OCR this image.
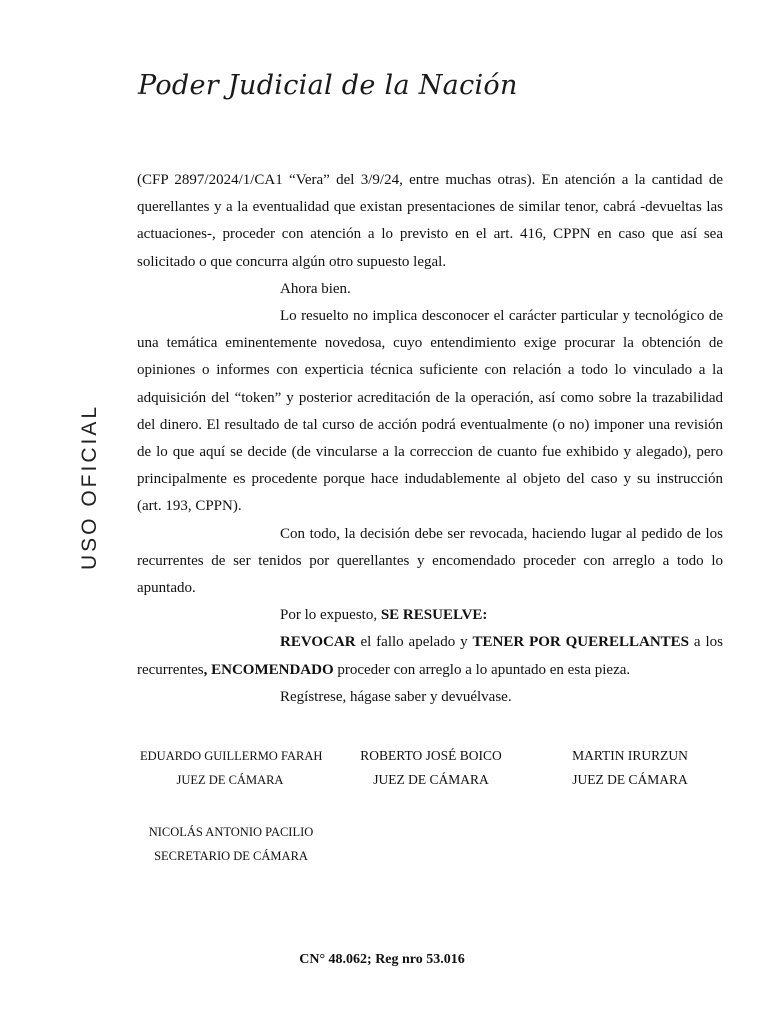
Poder Judicial de la Nación
USO OFICIAL

(CFP 2897/2024/1/CA1 “Vera” del 3/9/24, entre muchas otras). En atención a la cantidad de querellantes y a la eventualidad que existan presentaciones de similar tenor, cabrá -devueltas las actuaciones-, proceder con atención a lo previsto en el art. 416, CPPN en caso que así sea solicitado o que concurra algún otro supuesto legal.

Ahora bien.

Lo resuelto no implica desconocer el carácter particular y tecnológico de una temática eminentemente novedosa, cuyo entendimiento exige procurar la obtención de opiniones o informes con experticia técnica suficiente con relación a todo lo vinculado a la adquisición del “token” y posterior acreditación de la operación, así como sobre la trazabilidad del dinero. El resultado de tal curso de acción podrá eventualmente (o no) imponer una revisión de lo que aquí se decide (de vincularse a la correccion de cuanto fue exhibido y alegado), pero principalmente es procedente porque hace indudablemente al objeto del caso y su instrucción (art. 193, CPPN).

Con todo, la decisión debe ser revocada, haciendo lugar al pedido de los recurrentes de ser tenidos por querellantes y encomendado proceder con arreglo a todo lo apuntado.

Por lo expuesto, SE RESUELVE:

REVOCAR el fallo apelado y TENER POR QUERELLANTES a los recurrentes, ENCOMENDADO proceder con arreglo a lo apuntado en esta pieza.

Regístrese, hágase saber y devuélvase.

EDUARDO GUILLERMO FARAH
JUEZ DE CÁMARA
ROBERTO JOSÉ BOICO
JUEZ DE CÁMARA
MARTIN IRURZUN
JUEZ DE CÁMARA
NICOLÁS ANTONIO PACILIO
SECRETARIO DE CÁMARA
CN° 48.062; Reg nro 53.016
